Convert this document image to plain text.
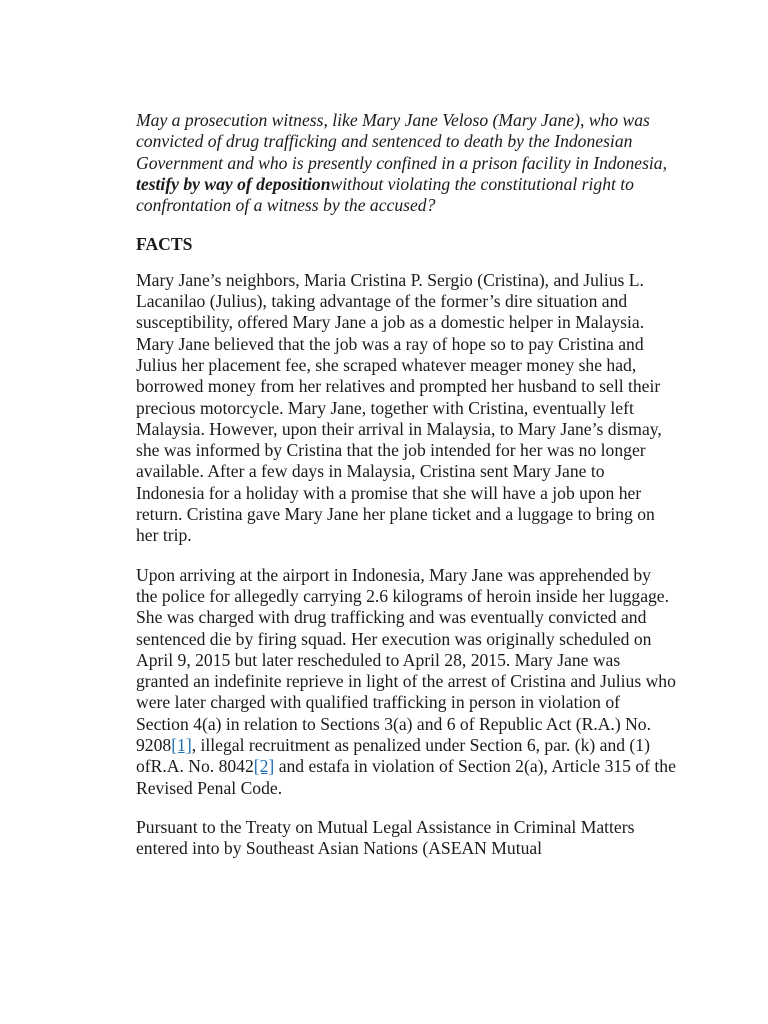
May a prosecution witness, like Mary Jane Veloso (Mary Jane), who was convicted of drug trafficking and sentenced to death by the Indonesian Government and who is presently confined in a prison facility in Indonesia, testify by way of depositionwithout violating the constitutional right to confrontation of a witness by the accused?

FACTS

Mary Jane’s neighbors, Maria Cristina P. Sergio (Cristina), and Julius L. Lacanilao (Julius), taking advantage of the former’s dire situation and susceptibility, offered Mary Jane a job as a domestic helper in Malaysia. Mary Jane believed that the job was a ray of hope so to pay Cristina and Julius her placement fee, she scraped whatever meager money she had, borrowed money from her relatives and prompted her husband to sell their precious motorcycle. Mary Jane, together with Cristina, eventually left Malaysia. However, upon their arrival in Malaysia, to Mary Jane’s dismay, she was informed by Cristina that the job intended for her was no longer available. After a few days in Malaysia, Cristina sent Mary Jane to Indonesia for a holiday with a promise that she will have a job upon her return. Cristina gave Mary Jane her plane ticket and a luggage to bring on her trip.

Upon arriving at the airport in Indonesia, Mary Jane was apprehended by the police for allegedly carrying 2.6 kilograms of heroin inside her luggage. She was charged with drug trafficking and was eventually convicted and sentenced die by firing squad. Her execution was originally scheduled on April 9, 2015 but later rescheduled to April 28, 2015. Mary Jane was granted an indefinite reprieve in light of the arrest of Cristina and Julius who were later charged with qualified trafficking in person in violation of Section 4(a) in relation to Sections 3(a) and 6 of Republic Act (R.A.) No. 9208[1], illegal recruitment as penalized under Section 6, par. (k) and (1) ofR.A. No. 8042[2] and estafa in violation of Section 2(a), Article 315 of the Revised Penal Code.

Pursuant to the Treaty on Mutual Legal Assistance in Criminal Matters entered into by Southeast Asian Nations (ASEAN Mutual
